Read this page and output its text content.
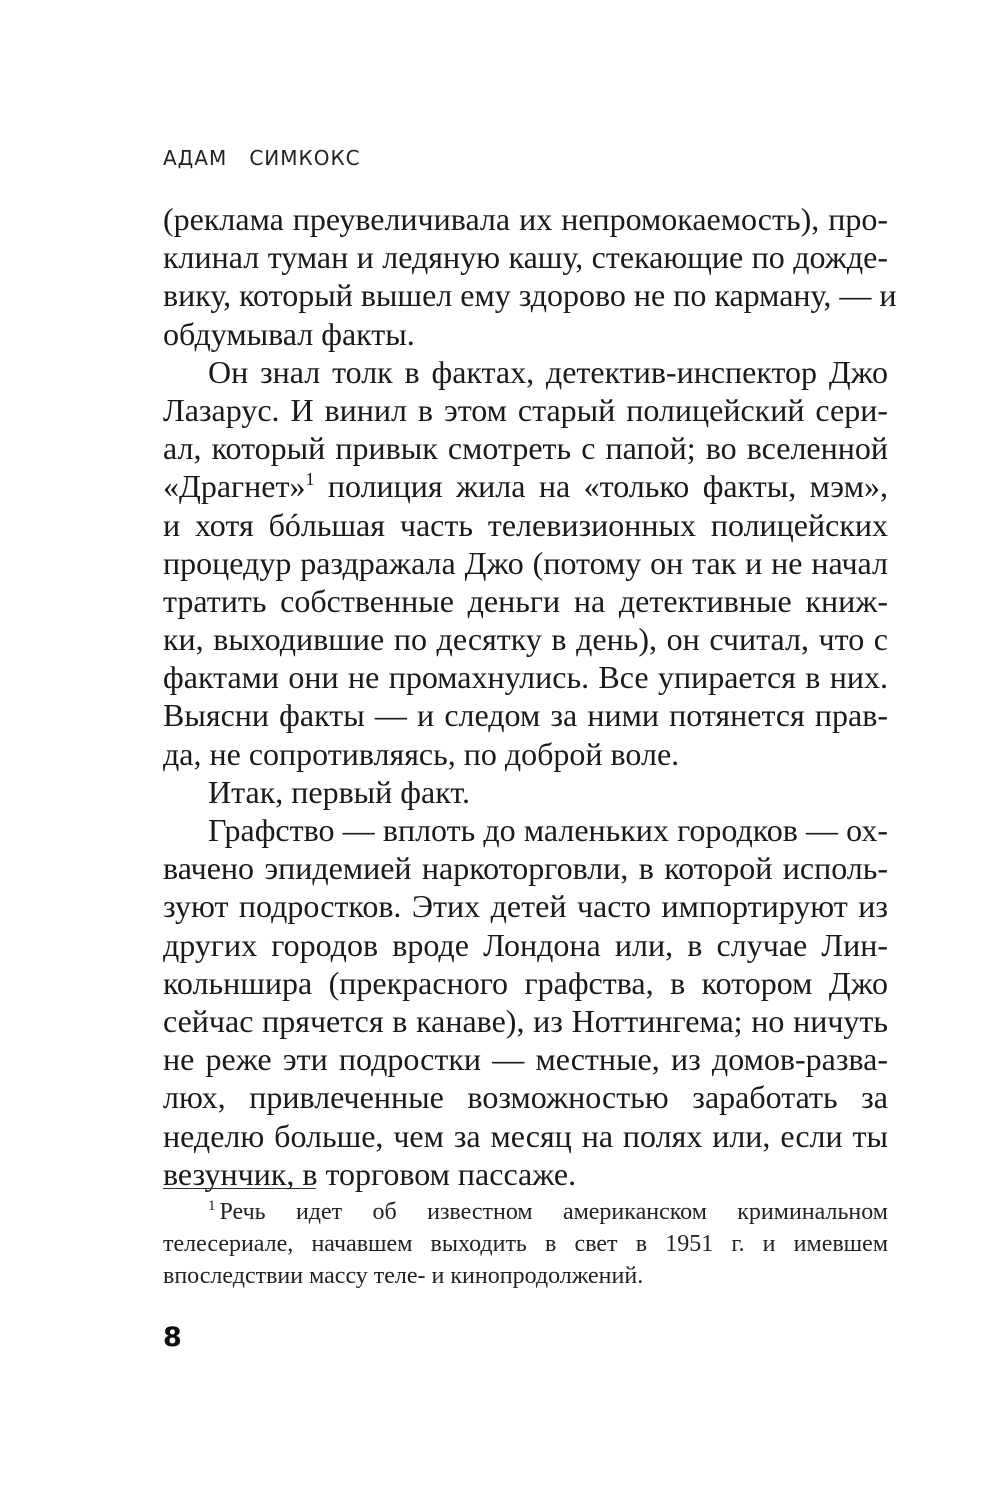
АДАМ   СИМКОКС
(реклама преувеличивала их непромокаемость), про-
клинал туман и ледяную кашу, стекающие по дожде-
вику, который вышел ему здорово не по карману, — и
обдумывал факты.
Он знал толк в фактах, детектив-инспектор Джо
Лазарус. И винил в этом старый полицейский сери-
ал, который привык смотреть с папой; во вселенной
«Драгнет»$^1$ полиция жила на «только факты, мэм»,
и хотя бóльшая часть телевизионных полицейских
процедур раздражала Джо (потому он так и не начал
тратить собственные деньги на детективные книж-
ки, выходившие по десятку в день), он считал, что с
фактами они не промахнулись. Все упирается в них.
Выясни факты — и следом за ними потянется прав-
да, не сопротивляясь, по доброй воле.
Итак, первый факт.
Графство — вплоть до маленьких городков — ох-
вачено эпидемией наркоторговли, в которой исполь-
зуют подростков. Этих детей часто импортируют из
других городов вроде Лондона или, в случае Лин-
кольншира (прекрасного графства, в котором Джо
сейчас прячется в канаве), из Ноттингема; но ничуть
не реже эти подростки — местные, из домов-разва-
люх, привлеченные возможностью заработать за
неделю больше, чем за месяц на полях или, если ты
везунчик, в торговом пассаже.
$^1$ Речь идет об известном американском криминальном
телесериале, начавшем выходить в свет в 1951 г. и имевшем
впоследствии массу теле- и кинопродолжений.
8
